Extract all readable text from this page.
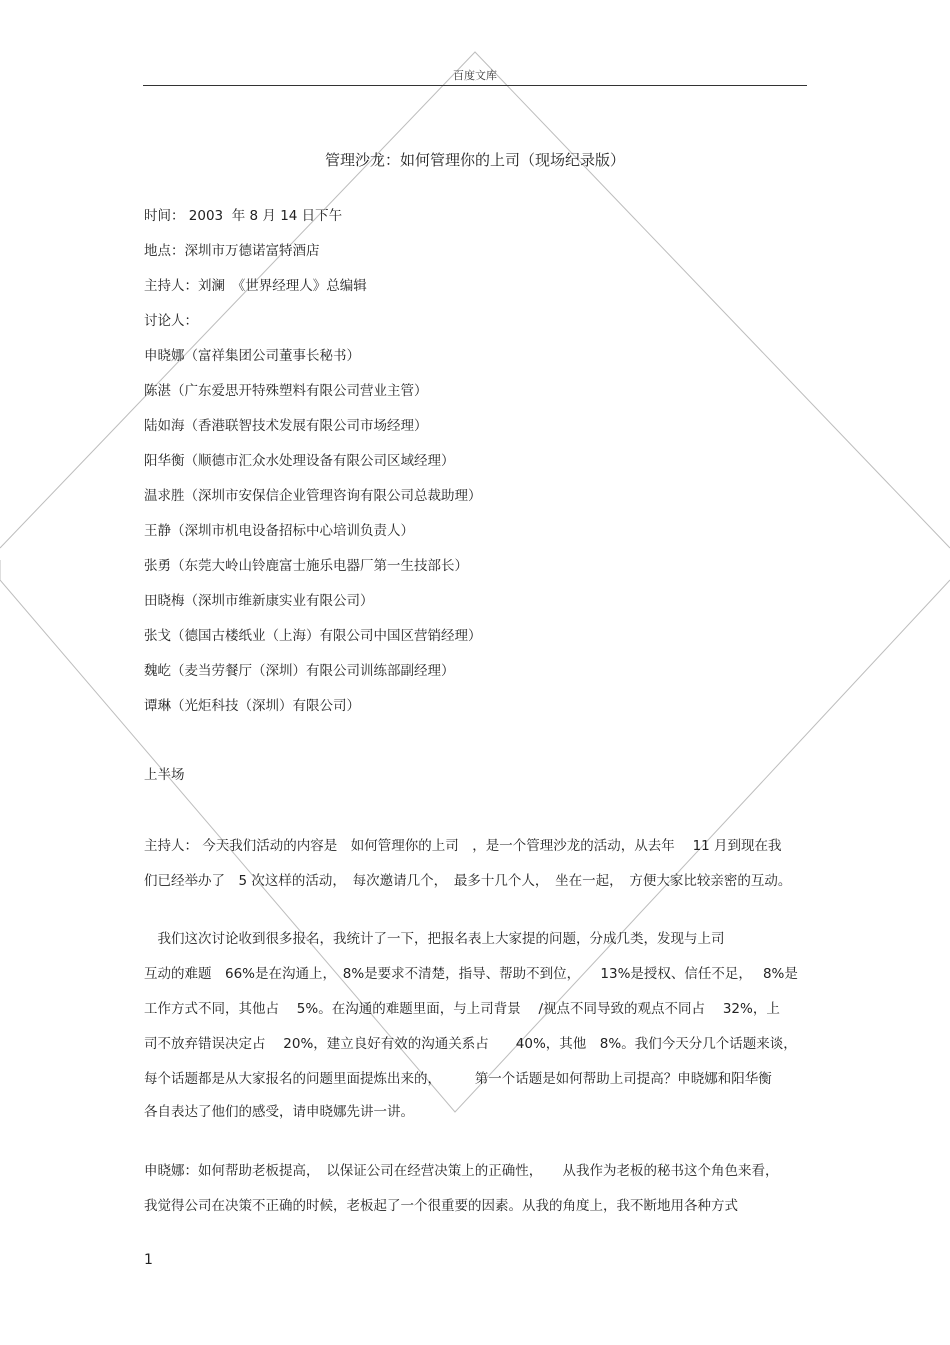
百度文库
管理沙龙：如何管理你的上司（现场纪录版）
时间： 2003  年 8 月 14 日下午
地点：深圳市万德诺富特酒店
主持人：刘澜　《世界经理人》总编辑
讨论人：
申晓娜（富祥集团公司董事长秘书）
陈湛（广东爱思开特殊塑料有限公司营业主管）
陆如海（香港联智技术发展有限公司市场经理）
阳华衡（顺德市汇众水处理设备有限公司区域经理）
温求胜（深圳市安保信企业管理咨询有限公司总裁助理）
王静（深圳市机电设备招标中心培训负责人）
张勇（东莞大岭山铃鹿富士施乐电器厂第一生技部长）
田晓梅（深圳市维新康实业有限公司）
张戈（德国古楼纸业（上海）有限公司中国区营销经理）
魏屹（麦当劳餐厅（深圳）有限公司训练部副经理）
谭琳（光炬科技（深圳）有限公司）
上半场
主持人： 今天我们活动的内容是　如何管理你的上司　，是一个管理沙龙的活动，从去年　 11 月到现在我
们已经举办了　5 次这样的活动，　每次邀请几个，　最多十几个人，　坐在一起，　方便大家比较亲密的互动。
　我们这次讨论收到很多报名，我统计了一下，把报名表上大家提的问题，分成几类，发现与上司
互动的难题　66%是在沟通上，　8%是要求不清楚，指导、帮助不到位，　　13%是授权、信任不足，　 8%是
工作方式不同，其他占　 5%。在沟通的难题里面，与上司背景　 /视点不同导致的观点不同占　 32%，上
司不放弃错误决定占　 20%，建立良好有效的沟通关系占　　40%，其他　8%。我们今天分几个话题来谈，
每个话题都是从大家报名的问题里面提炼出来的，　　　第一个话题是如何帮助上司提高？申晓娜和阳华衡
各自表达了他们的感受，请申晓娜先讲一讲。
申晓娜：如何帮助老板提高，　以保证公司在经营决策上的正确性，　　从我作为老板的秘书这个角色来看，
我觉得公司在决策不正确的时候，老板起了一个很重要的因素。从我的角度上，我不断地用各种方式
1
